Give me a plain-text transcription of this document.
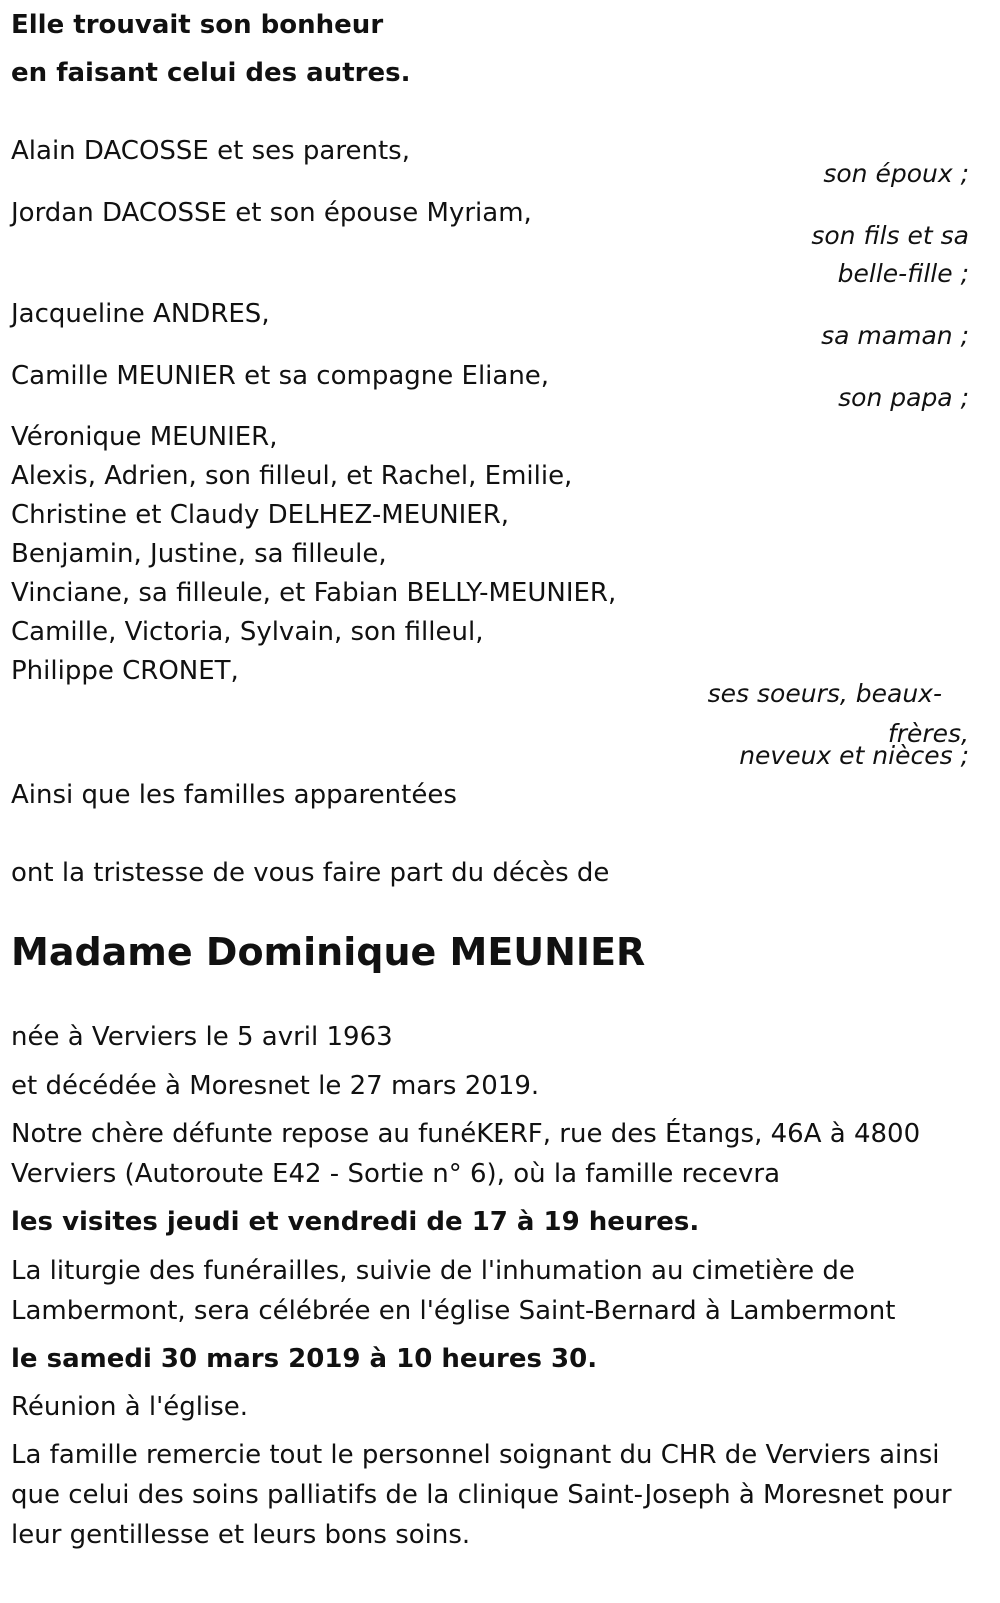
Elle trouvait son bonheur
en faisant celui des autres.
Alain DACOSSE et ses parents,
son époux ;
Jordan DACOSSE et son épouse Myriam,
son fils et sa
belle-fille ;
Jacqueline ANDRES,
sa maman ;
Camille MEUNIER et sa compagne Eliane,
son papa ;
Véronique MEUNIER,
Alexis, Adrien, son filleul, et Rachel, Emilie,
Christine et Claudy DELHEZ-MEUNIER,
Benjamin, Justine, sa filleule,
Vinciane, sa filleule, et Fabian BELLY-MEUNIER,
Camille, Victoria, Sylvain, son filleul,
Philippe CRONET,
ses soeurs, beaux-
frères,
neveux et nièces ;
Ainsi que les familles apparentées
ont la tristesse de vous faire part du décès de
Madame Dominique MEUNIER
née à Verviers le 5 avril 1963
et décédée à Moresnet le 27 mars 2019.

Notre chère défunte repose au funéKERF, rue des Étangs, 46A à 4800 Verviers (Autoroute E42 - Sortie n° 6), où la famille recevra

les visites jeudi et vendredi de 17 à 19 heures.

La liturgie des funérailles, suivie de l'inhumation au cimetière de Lambermont, sera célébrée en l'église Saint-Bernard à Lambermont

le samedi 30 mars 2019 à 10 heures 30.
Réunion à l'église.

La famille remercie tout le personnel soignant du CHR de Verviers ainsi que celui des soins palliatifs de la clinique Saint-Joseph à Moresnet pour leur gentillesse et leurs bons soins.
